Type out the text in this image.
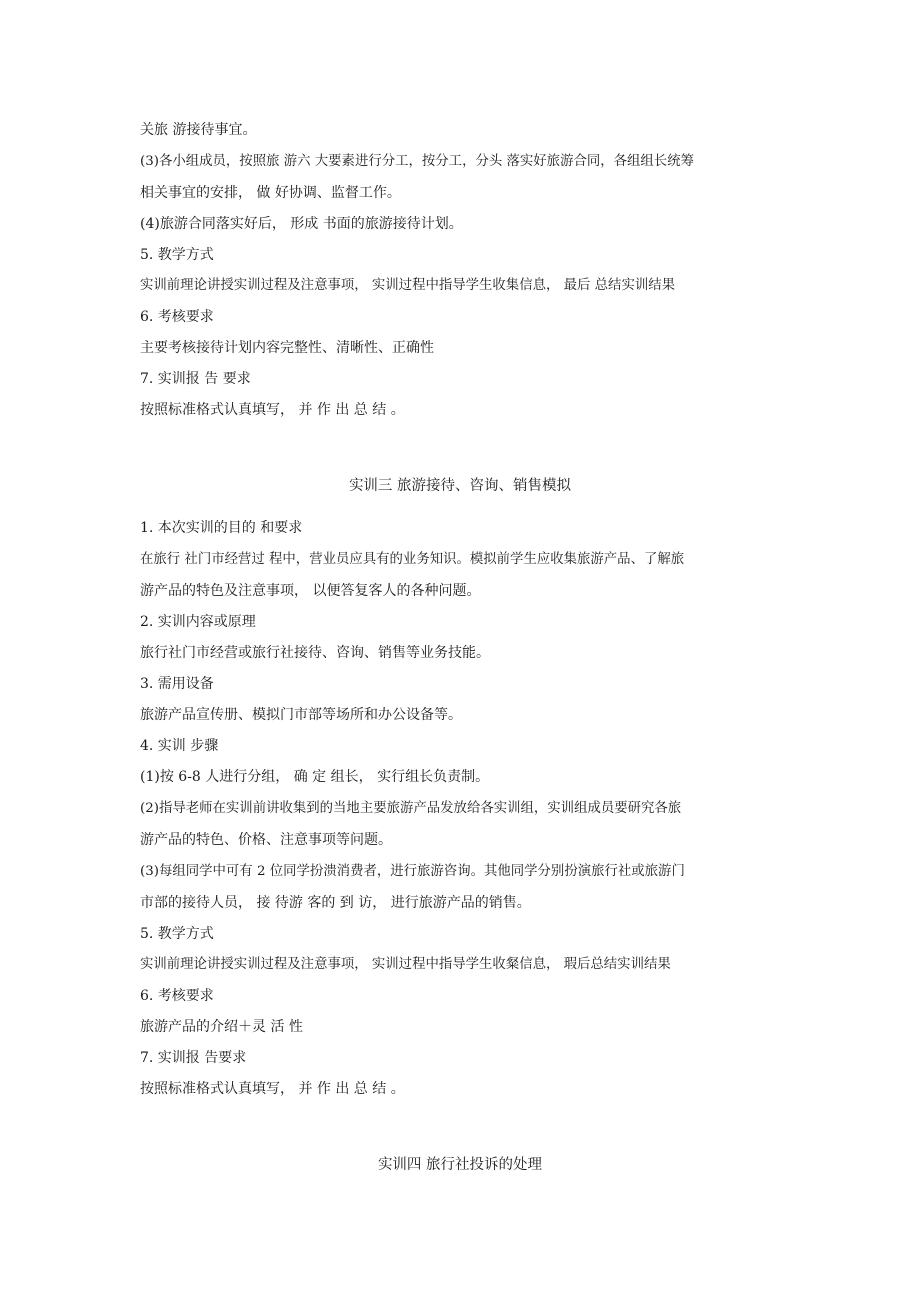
关旅 游接待事宜。
(3)各小组成员，按照旅 游六 大要素进行分工，按分工，分头 落实好旅游合同，各组组长统筹
相关事宜的安排， 做 好协调、监督工作。
(4)旅游合同落实好后， 形成 书面的旅游接待计划。
5. 教学方式
实训前理论讲授实训过程及注意事项， 实训过程中指导学生收集信息， 最后 总结实训结果
6. 考核要求
主要考核接待计划内容完整性、清晰性、正确性
7. 实训报 告 要求
按照标准格式认真填写， 并 作 出 总 结 。
实训三 旅游接待、咨询、销售模拟
1. 本次实训的目的 和要求
在旅行 社门市经营过 程中，营业员应具有的业务知识。模拟前学生应收集旅游产品、了解旅
游产品的特色及注意事项， 以便答复客人的各种问题。
2. 实训内容或原理
旅行社门市经营或旅行社接待、咨询、销售等业务技能。
3. 需用设备
旅游产品宣传册、模拟门市部等场所和办公设备等。
4. 实训 步骤
(1)按 6-8 人进行分组， 确 定 组长， 实行组长负责制。
(2)指导老师在实训前讲收集到的当地主要旅游产品发放给各实训组，实训组成员要研究各旅
游产品的特色、价格、注意事项等问题。
(3)每组同学中可有 2 位同学扮溃消费者，进行旅游咨询。其他同学分别扮演旅行社或旅游门
市部的接待人员， 接 待游 客的 到 访， 进行旅游产品的销售。
5. 教学方式
实训前理论讲授实训过程及注意事项， 实训过程中指导学生收粲信息， 瑕后总结实训结果
6. 考核要求
旅游产品的介绍＋灵 活 性
7. 实训报 告要求
按照标准格式认真填写， 并 作 出 总 结 。
实训四 旅行社投诉的处理
